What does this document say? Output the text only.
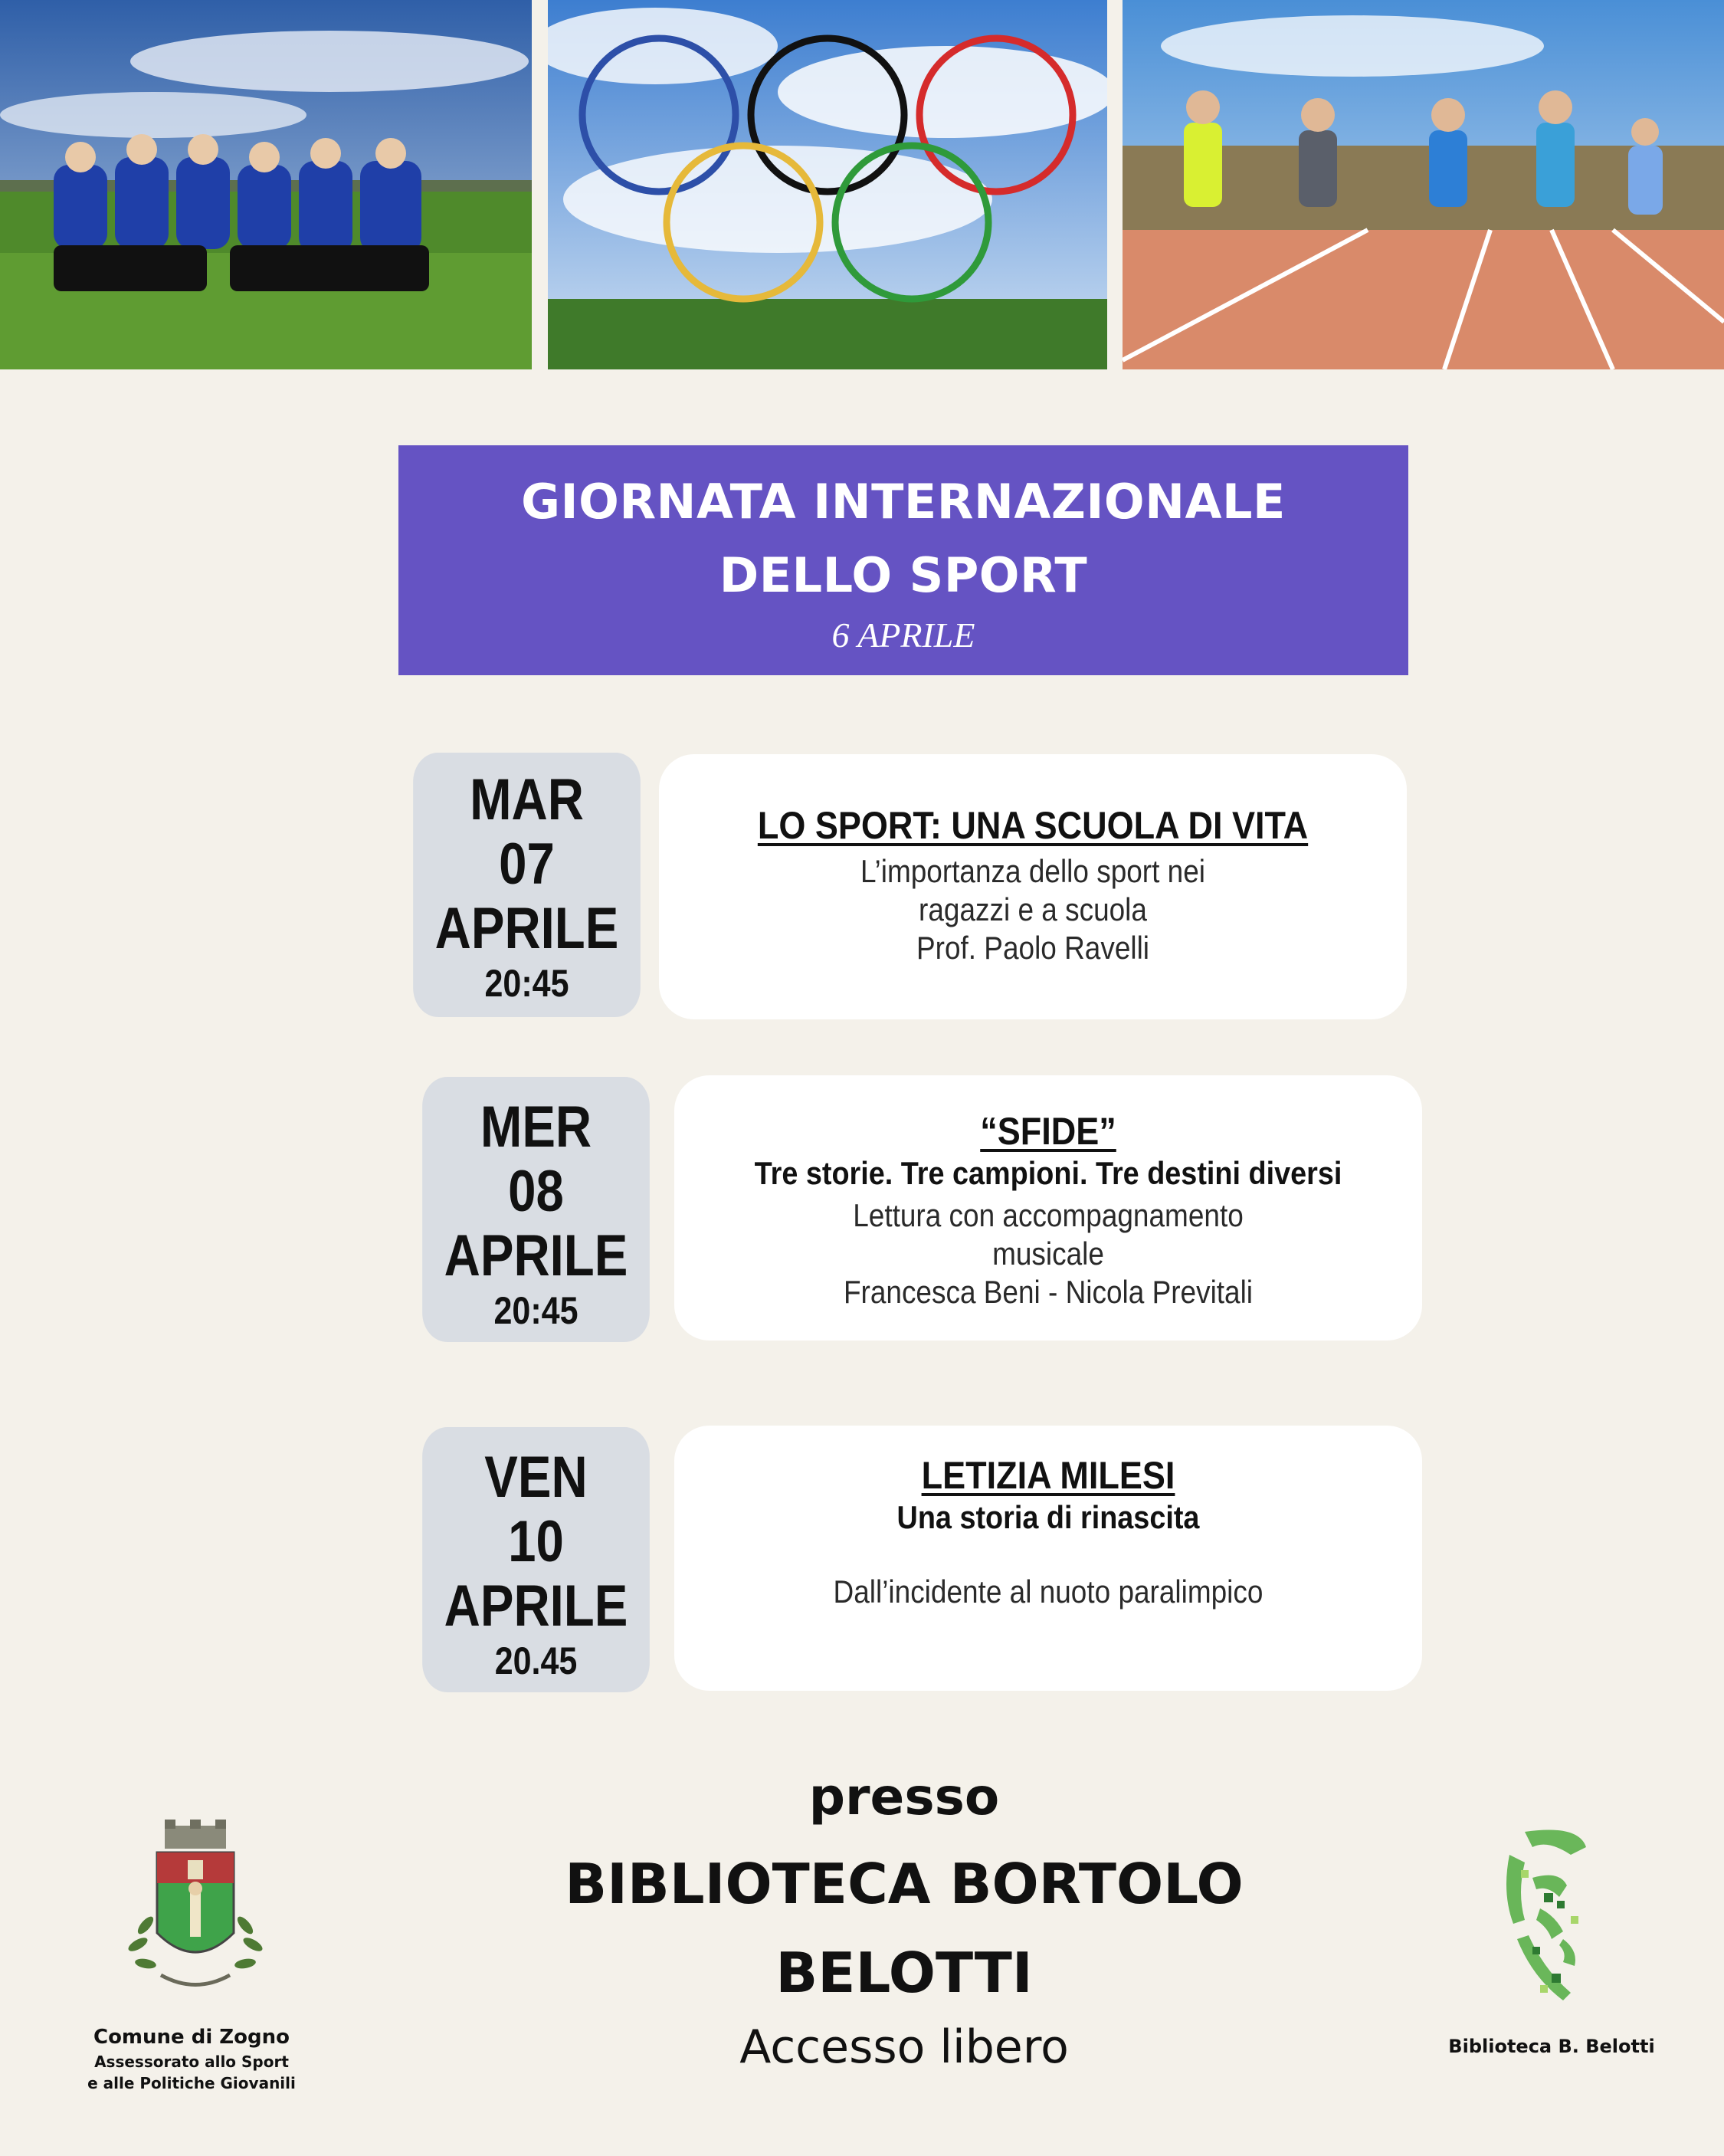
GIORNATA INTERNAZIONALE
DELLO SPORT
6 APRILE
MAR
07
APRILE
20:45
LO SPORT: UNA SCUOLA DI VITA
L’importanza dello sport nei
ragazzi e a scuola
Prof. Paolo Ravelli
MER
08
APRILE
20:45
“SFIDE”
Tre storie. Tre campioni. Tre destini diversi
Lettura con accompagnamento
musicale
Francesca Beni - Nicola Previtali
VEN
10
APRILE
20.45
LETIZIA MILESI
Una storia di rinascita
Dall’incidente al nuoto paralimpico
presso
BIBLIOTECA BORTOLO
BELOTTI
Accesso libero
Comune di Zogno
Assessorato allo Sport
e alle Politiche Giovanili
Biblioteca B. Belotti
